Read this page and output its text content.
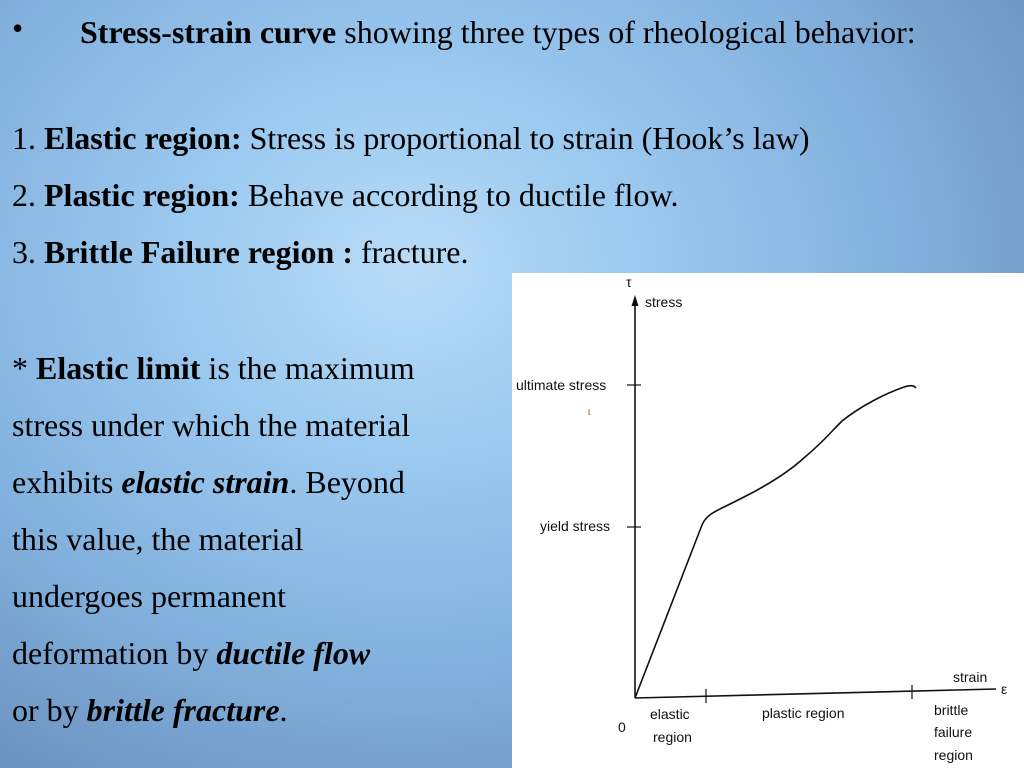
• Stress-strain curve showing three types of rheological behavior:
1. Elastic region: Stress is proportional to strain (Hook’s law)
2. Plastic region: Behave according to ductile flow.
3. Brittle Failure region : fracture.
* Elastic limit is the maximum
stress under which the material
exhibits elastic strain. Beyond
this value, the material
undergoes permanent
deformation by ductile flow
or by brittle fracture.
τ
stress
ultimate stress
ɩ
yield stress
strain
ε
0
elastic
region
plastic region	brittle
failure
region
